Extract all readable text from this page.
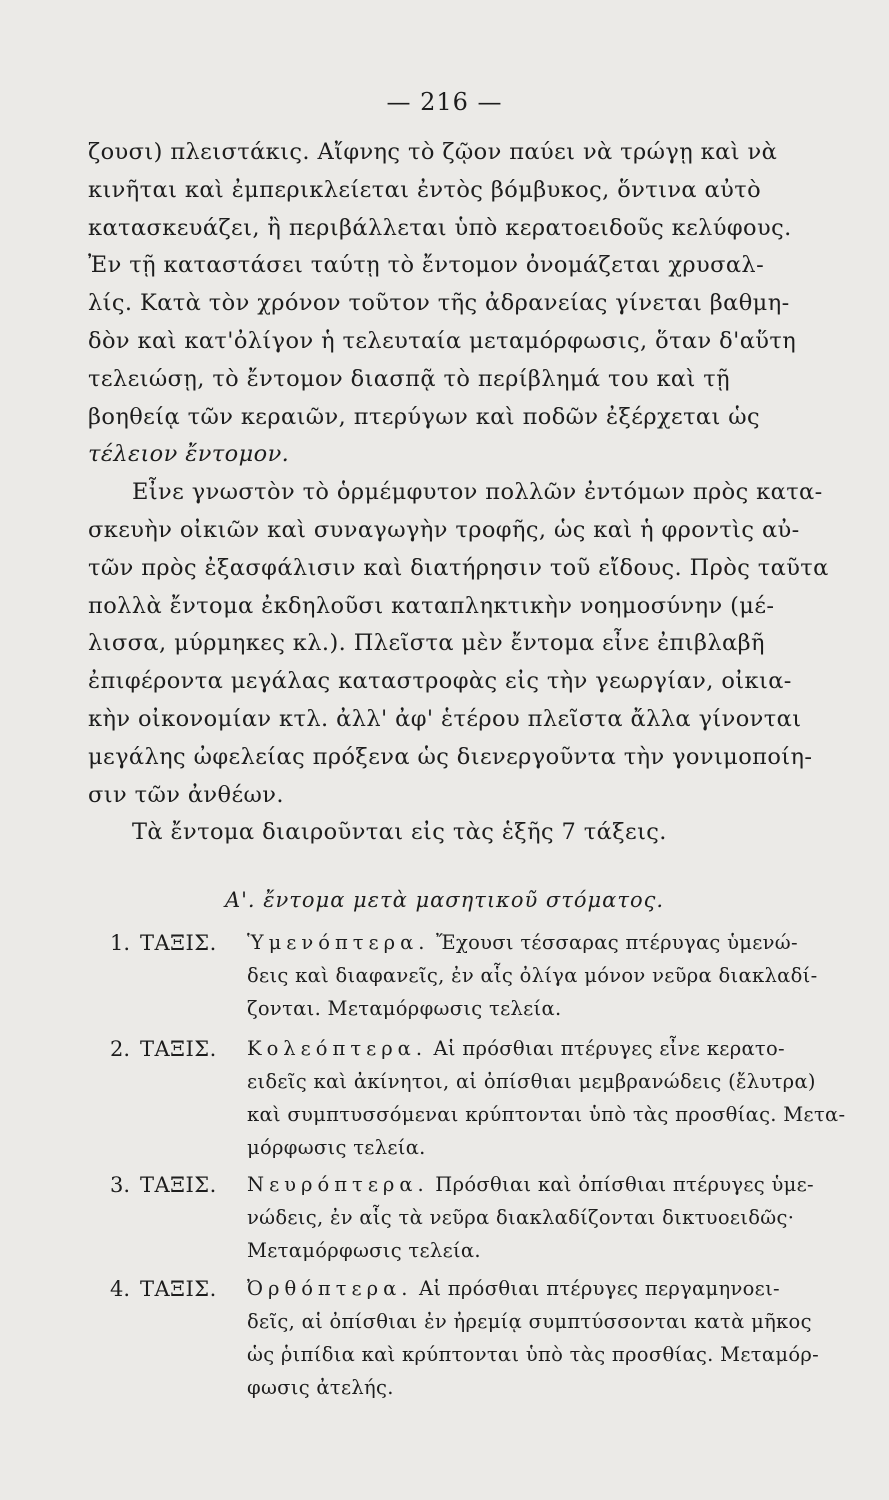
— 216 —
ζουσι) πλειστάκις. Αἴφνης τὸ ζῷον παύει νὰ τρώγῃ καὶ νὰ
κινῆται καὶ ἐμπερικλείεται ἐντὸς βόμβυκος, ὅντινα αὐτὸ
κατασκευάζει, ἢ περιβάλλεται ὑπὸ κερατοειδοῦς κελύφους.
Ἐν τῇ καταστάσει ταύτῃ τὸ ἔντομον ὀνομάζεται χρυσαλ-
λίς. Κατὰ τὸν χρόνον τοῦτον τῆς ἀδρανείας γίνεται βαθμη-
δὸν καὶ κατ'ὀλίγον ἡ τελευταία μεταμόρφωσις, ὅταν δ'αὕτη
τελειώσῃ, τὸ ἔντομον διασπᾷ τὸ περίβλημά του καὶ τῇ
βοηθείᾳ τῶν κεραιῶν, πτερύγων καὶ ποδῶν ἐξέρχεται ὡς
τέλειον ἔντομον.
Εἶνε γνωστὸν τὸ ὁρμέμφυτον πολλῶν ἐντόμων πρὸς κατα-
σκευὴν οἰκιῶν καὶ συναγωγὴν τροφῆς, ὡς καὶ ἡ φροντὶς αὐ-
τῶν πρὸς ἐξασφάλισιν καὶ διατήρησιν τοῦ εἴδους. Πρὸς ταῦτα
πολλὰ ἔντομα ἐκδηλοῦσι καταπληκτικὴν νοημοσύνην (μέ-
λισσα, μύρμηκες κλ.). Πλεῖστα μὲν ἔντομα εἶνε ἐπιβλαβῆ
ἐπιφέροντα μεγάλας καταστροφὰς εἰς τὴν γεωργίαν, οἰκια-
κὴν οἰκονομίαν κτλ. ἀλλ' ἀφ' ἑτέρου πλεῖστα ἄλλα γίνονται
μεγάλης ὠφελείας πρόξενα ὡς διενεργοῦντα τὴν γονιμοποίη-
σιν τῶν ἀνθέων.
Τὰ ἔντομα διαιροῦνται εἰς τὰς ἑξῆς 7 τάξεις.
Α'. ἔντομα μετὰ μασητικοῦ στόματος.
1. ΤΑΞΙΣ.	Ὑμενόπτερα. Ἔχουσι τέσσαρας πτέρυγας ὑμενώ-
δεις καὶ διαφανεῖς, ἐν αἷς ὀλίγα μόνον νεῦρα διακλαδί-
ζονται. Μεταμόρφωσις τελεία.
2. ΤΑΞΙΣ.	Κολεόπτερα. Αἱ πρόσθιαι πτέρυγες εἶνε κερατο-
ειδεῖς καὶ ἀκίνητοι, αἱ ὀπίσθιαι μεμβρανώδεις (ἔλυτρα)
καὶ συμπτυσσόμεναι κρύπτονται ὑπὸ τὰς προσθίας. Μετα-
μόρφωσις τελεία.
3. ΤΑΞΙΣ.	Νευρόπτερα. Πρόσθιαι καὶ ὀπίσθιαι πτέρυγες ὑμε-
νώδεις, ἐν αἷς τὰ νεῦρα διακλαδίζονται δικτυοειδῶς·
Μεταμόρφωσις τελεία.
4. ΤΑΞΙΣ.	Ὀρθόπτερα. Αἱ πρόσθιαι πτέρυγες περγαμηνοει-
δεῖς, αἱ ὀπίσθιαι ἐν ἠρεμίᾳ συμπτύσσονται κατὰ μῆκος
ὡς ῥιπίδια καὶ κρύπτονται ὑπὸ τὰς προσθίας. Μεταμόρ-
φωσις ἀτελής.
